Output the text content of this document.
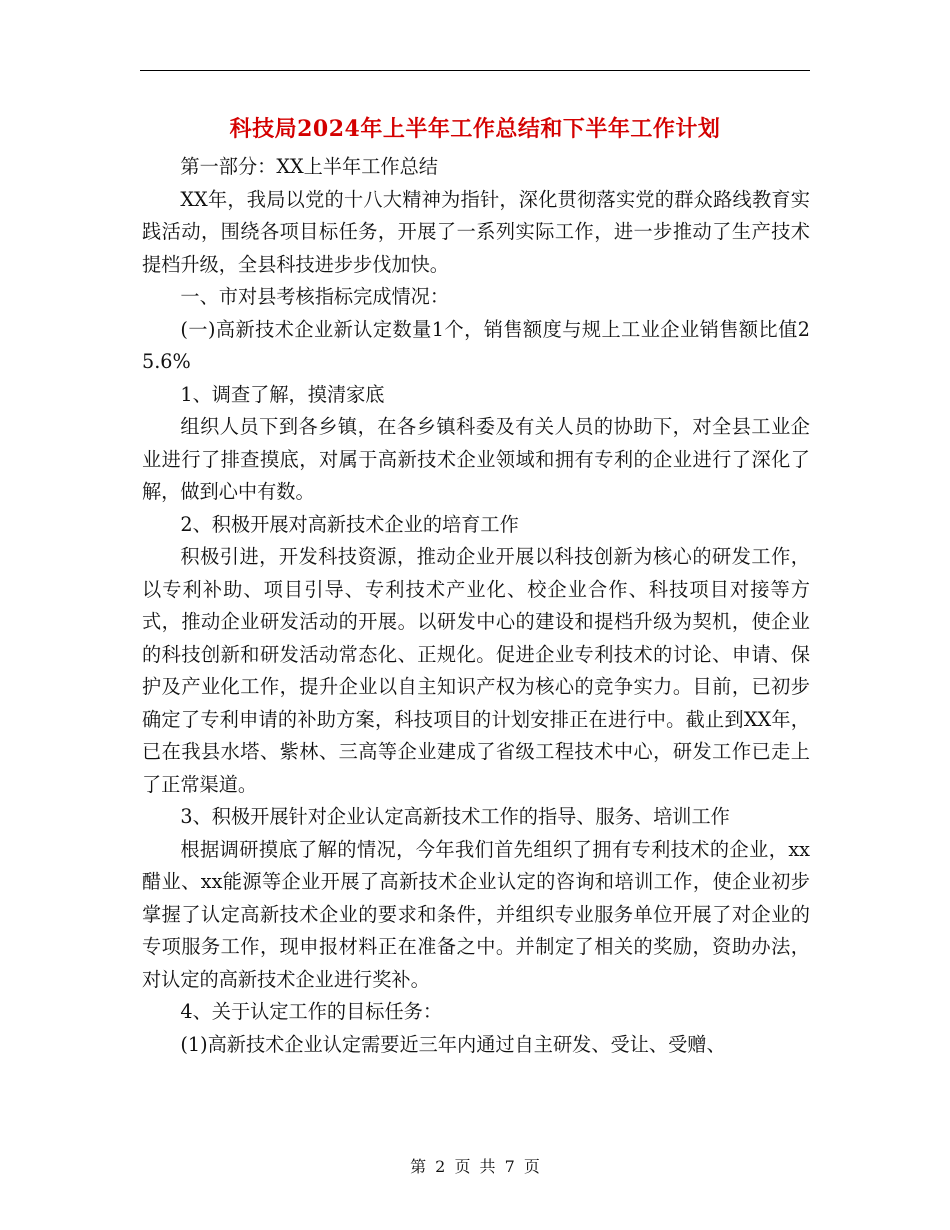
科技局2024年上半年工作总结和下半年工作计划

第一部分：XX上半年工作总结

XX年，我局以党的十八大精神为指针，深化贯彻落实党的群众路线教育实践活动，围绕各项目标任务，开展了一系列实际工作，进一步推动了生产技术提档升级，全县科技进步步伐加快。

一、市对县考核指标完成情况：

(一)高新技术企业新认定数量1个，销售额度与规上工业企业销售额比值25.6%

1、调查了解，摸清家底

组织人员下到各乡镇，在各乡镇科委及有关人员的协助下，对全县工业企业进行了排查摸底，对属于高新技术企业领域和拥有专利的企业进行了深化了解，做到心中有数。

2、积极开展对高新技术企业的培育工作

积极引进，开发科技资源，推动企业开展以科技创新为核心的研发工作，以专利补助、项目引导、专利技术产业化、校企业合作、科技项目对接等方式，推动企业研发活动的开展。以研发中心的建设和提档升级为契机，使企业的科技创新和研发活动常态化、正规化。促进企业专利技术的讨论、申请、保护及产业化工作，提升企业以自主知识产权为核心的竞争实力。目前，已初步确定了专利申请的补助方案，科技项目的计划安排正在进行中。截止到XX年，已在我县水塔、紫林、三高等企业建成了省级工程技术中心，研发工作已走上了正常渠道。

3、积极开展针对企业认定高新技术工作的指导、服务、培训工作

根据调研摸底了解的情况，今年我们首先组织了拥有专利技术的企业，xx醋业、xx能源等企业开展了高新技术企业认定的咨询和培训工作，使企业初步掌握了认定高新技术企业的要求和条件，并组织专业服务单位开展了对企业的专项服务工作，现申报材料正在准备之中。并制定了相关的奖励，资助办法，对认定的高新技术企业进行奖补。

4、关于认定工作的目标任务：

(1)高新技术企业认定需要近三年内通过自主研发、受让、受赠、

第 2 页 共 7 页
